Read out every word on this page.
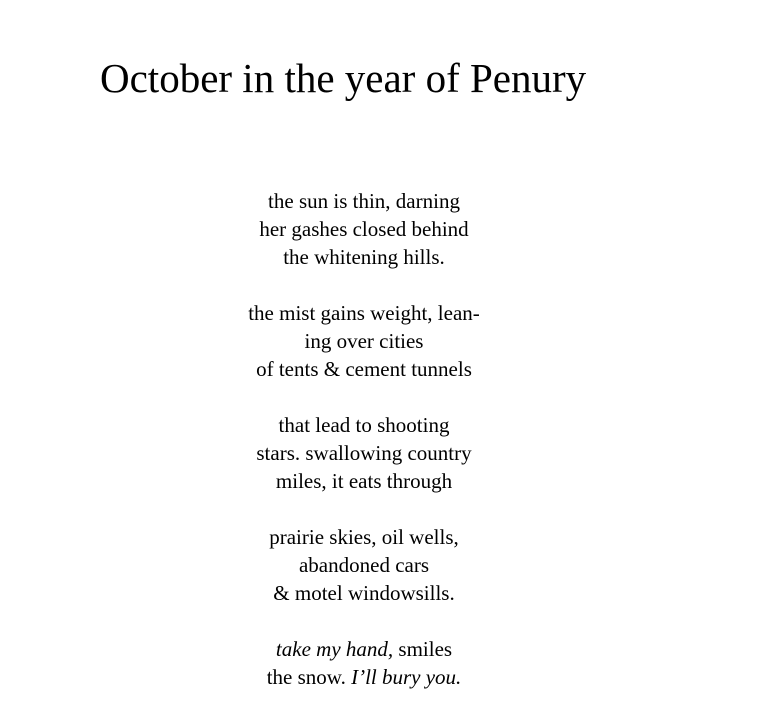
October in the year of Penury

the sun is thin, darning
her gashes closed behind
the whitening hills.

the mist gains weight, lean-
ing over cities
of tents & cement tunnels

that lead to shooting
stars. swallowing country
miles, it eats through

prairie skies, oil wells,
abandoned cars
& motel windowsills.

take my hand, smiles
the snow. I’ll bury you.
